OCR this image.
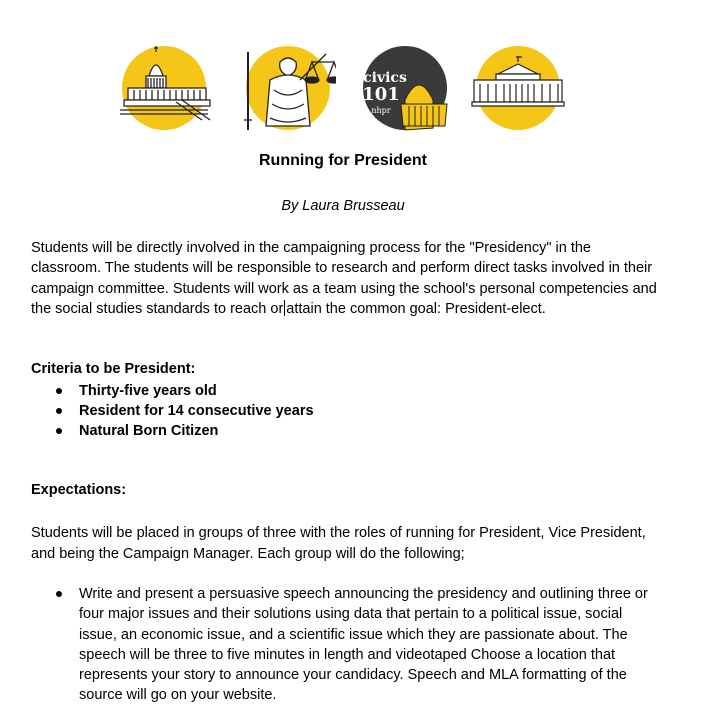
civics
101
nhpr
Running for President
By Laura Brusseau

Students will be directly involved in the campaigning process for the "Presidency" in the classroom. The students will be responsible to research and perform direct tasks involved in their campaign committee. Students will work as a team using the school's personal competencies and the social studies standards to reach or attain the common goal: President-elect.

Criteria to be President:

Thirty-five years old
Resident for 14 consecutive years
Natural Born Citizen

Expectations:

Students will be placed in groups of three with the roles of running for President, Vice President, and being the Campaign Manager. Each group will do the following;

Write and present a persuasive speech announcing the presidency and outlining three or four major issues and their solutions using data that pertain to a political issue, social issue, an economic issue, and a scientific issue which they are passionate about. The speech will be three to five minutes in length and videotaped Choose a location that represents your story to announce your candidacy. Speech and MLA formatting of the source will go on your website.
